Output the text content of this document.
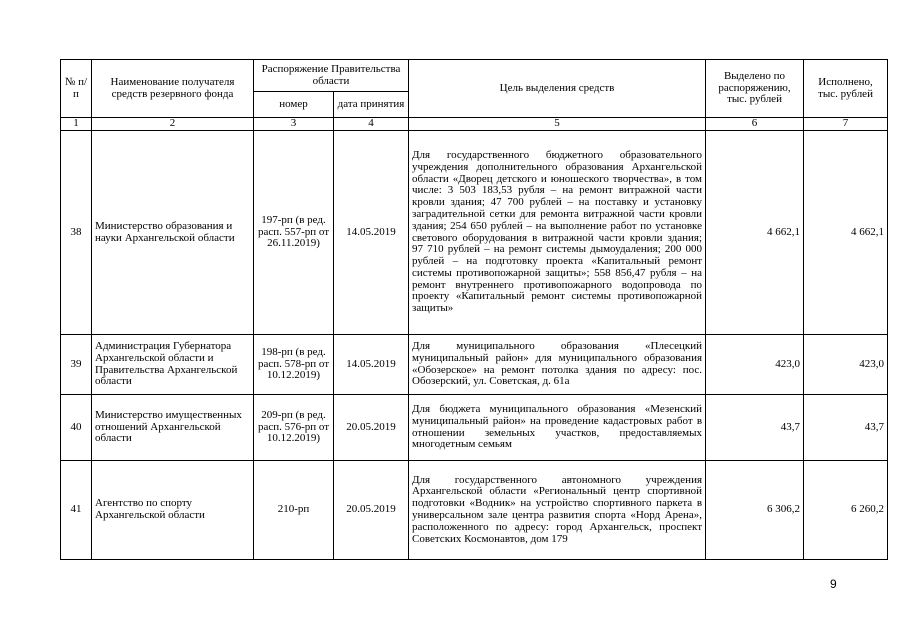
№ п/п	Наименование получателя средств резервного фонда	Распоряжение Правительства области		Цель выделения средств	Выделено по распоряжению, тыс. рублей	Исполнено, тыс. рублей
		номер	дата принятия			
1	2	3	4	5	6	7
38	Министерство образования и науки Архангельской области	197-рп (в ред. расп. 557-рп от 26.11.2019)	14.05.2019	Для государственного бюджетного образовательного учреждения дополнительного образования Архангельской области «Дворец детского и юношеского творчества», в том числе: 3 503 183,53 рубля – на ремонт витражной части кровли здания; 47 700 рублей – на поставку и установку заградительной сетки для ремонта витражной части кровли здания; 254 650 рублей – на выполнение работ по установке светового оборудования в витражной части кровли здания; 97 710 рублей – на ремонт системы дымоудаления; 200 000 рублей – на подготовку проекта «Капитальный ремонт системы противопожарной защиты»; 558 856,47 рубля – на ремонт внутреннего противопожарного водопровода по проекту «Капитальный ремонт системы противопожарной защиты»	4 662,1	4 662,1
39	Администрация Губернатора Архангельской области и Правительства Архангельской области	198-рп (в ред. расп. 578-рп от 10.12.2019)	14.05.2019	Для муниципального образования «Плесецкий муниципальный район» для муниципального образования «Обозерское» на ремонт потолка здания по адресу: пос. Обозерский, ул. Советская, д. 61а	423,0	423,0
40	Министерство имущественных отношений Архангельской области	209-рп (в ред. расп. 576-рп от 10.12.2019)	20.05.2019	Для бюджета муниципального образования «Мезенский муниципальный район» на проведение кадастровых работ в отношении земельных участков, предоставляемых многодетным семьям	43,7	43,7
41	Агентство по спорту Архангельской области	210-рп	20.05.2019	Для государственного автономного учреждения Архангельской области «Региональный центр спортивной подготовки «Водник» на устройство спортивного паркета в универсальном зале центра развития спорта «Норд Арена», расположенного по адресу: город Архангельск, проспект Советских Космонавтов, дом 179	6 306,2	6 260,2
9
